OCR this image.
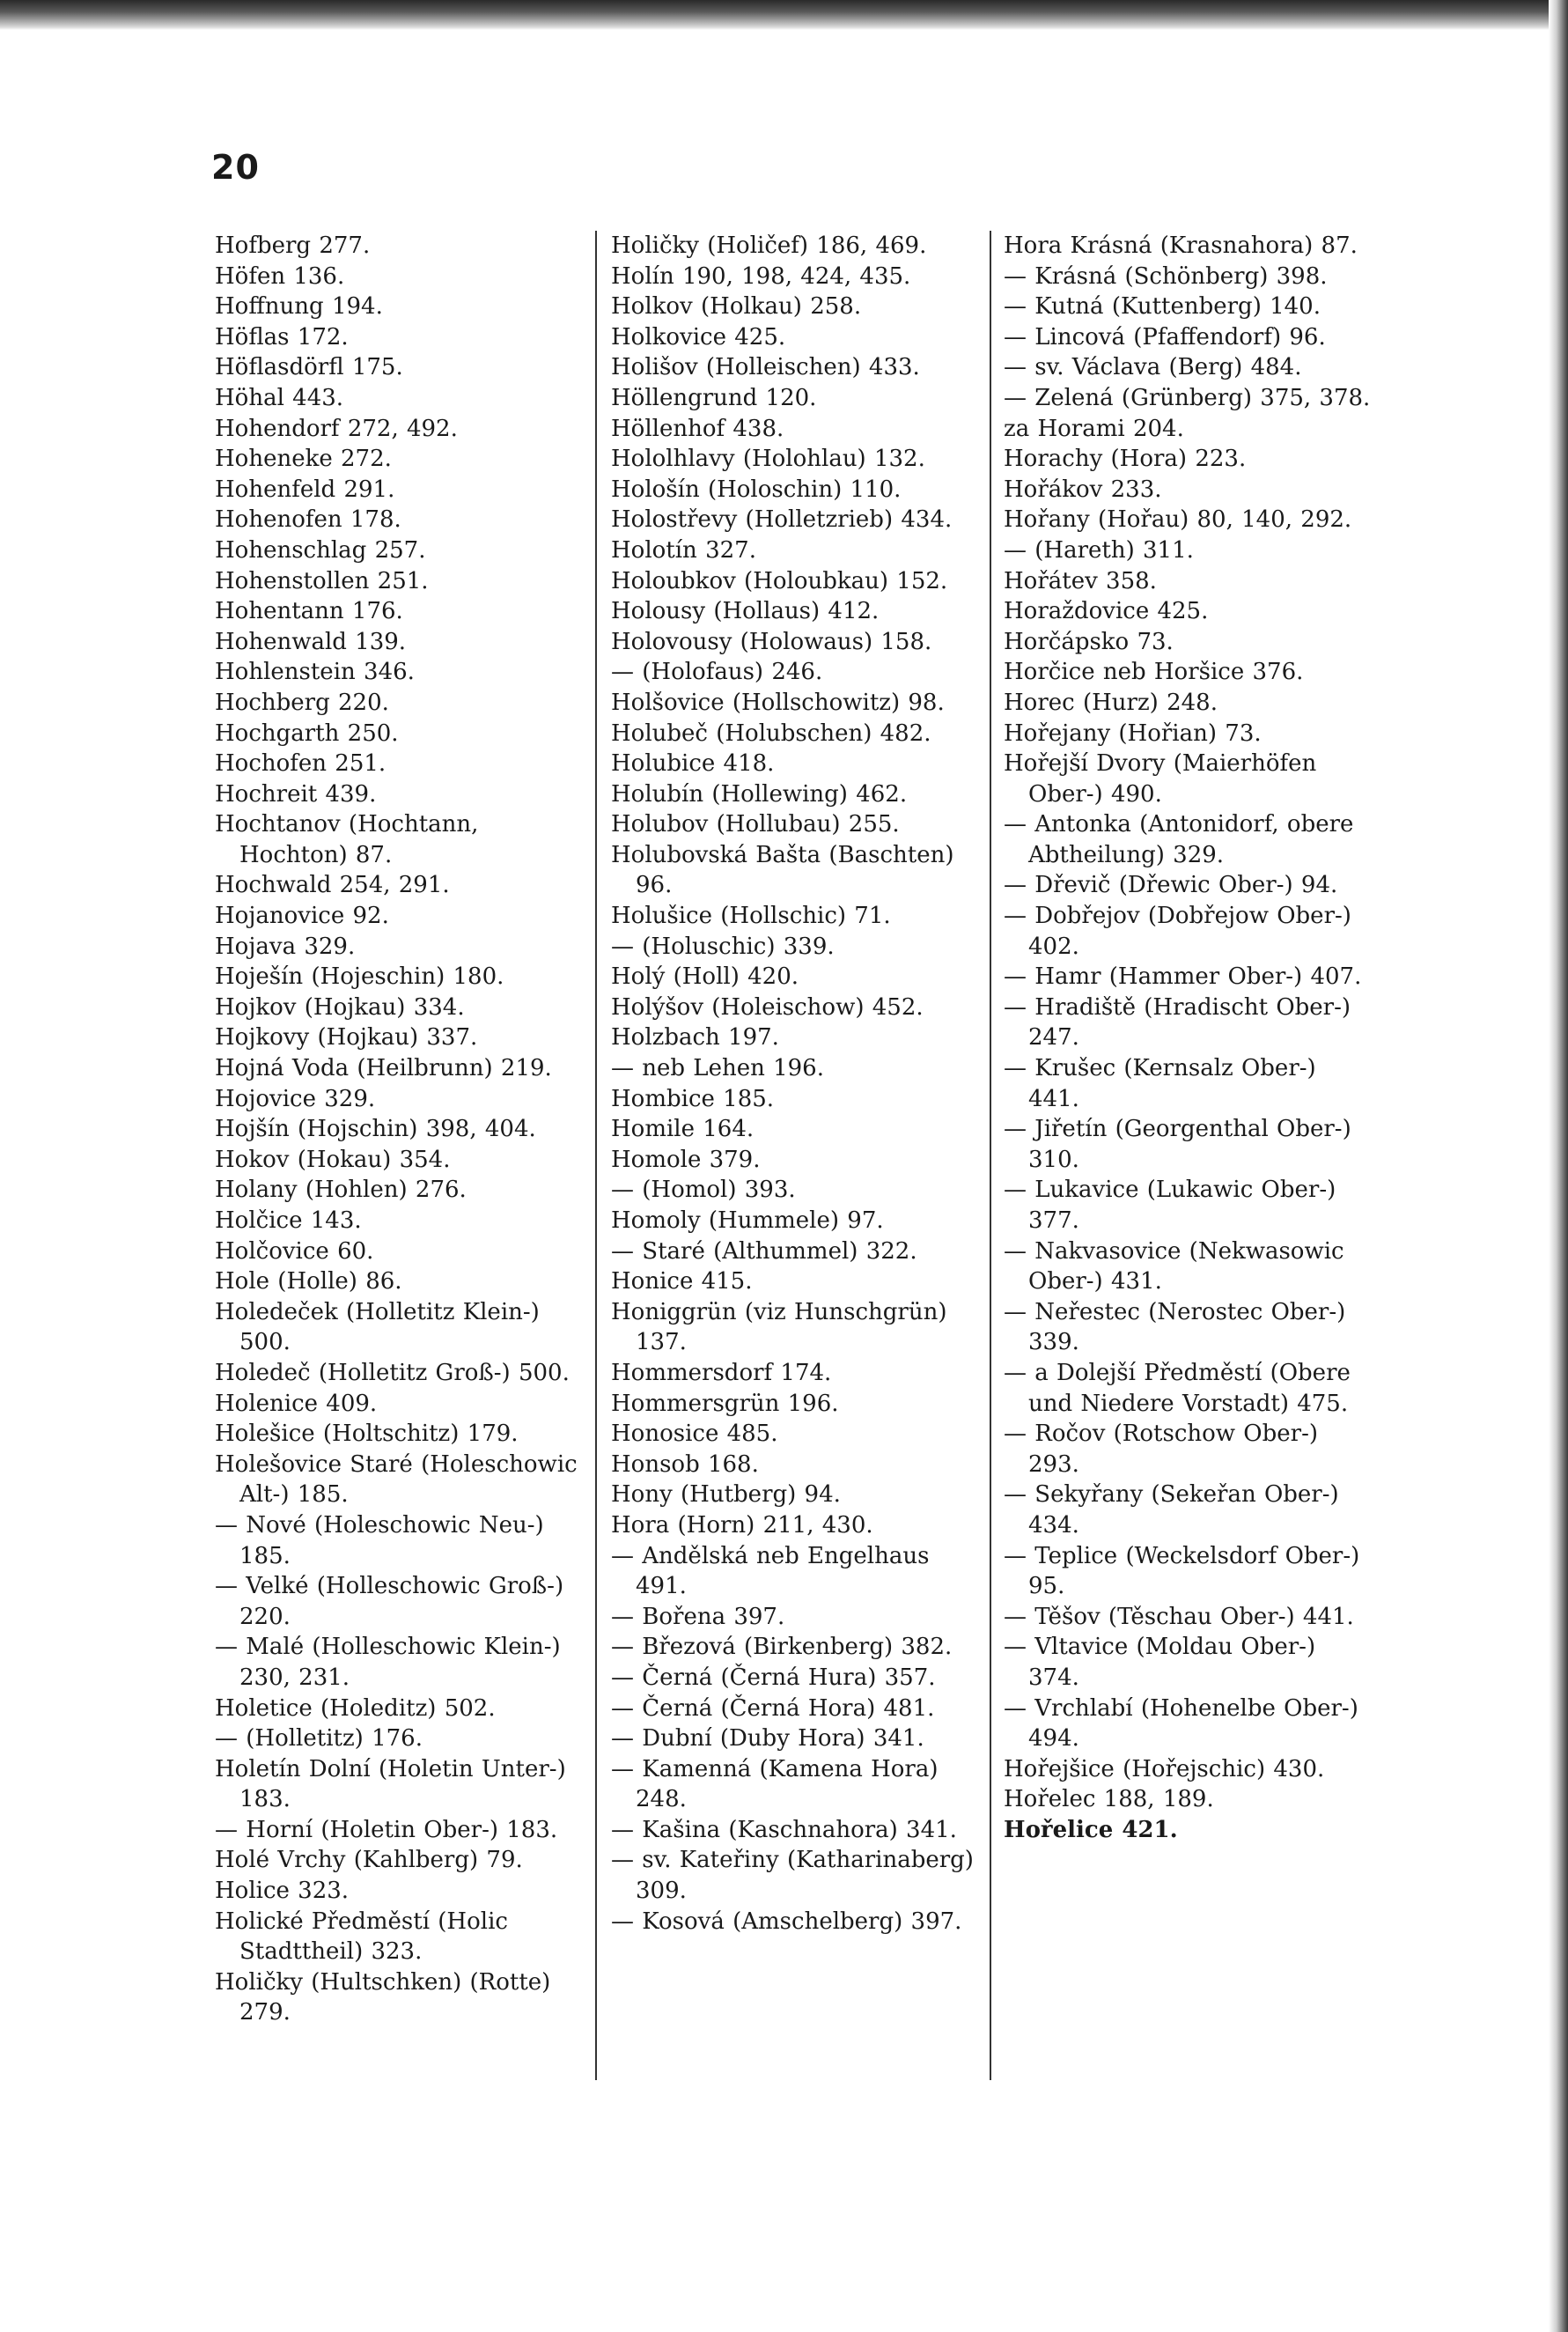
20
Hofberg 277.
Höfen 136.
Hoffnung 194.
Höflas 172.
Höflasdörfl 175.
Höhal 443.
Hohendorf 272, 492.
Hoheneke 272.
Hohenfeld 291.
Hohenofen 178.
Hohenschlag 257.
Hohenstollen 251.
Hohentann 176.
Hohenwald 139.
Hohlenstein 346.
Hochberg 220.
Hochgarth 250.
Hochofen 251.
Hochreit 439.
Hochtanov (Hochtann, Hochton) 87.
Hochwald 254, 291.
Hojanovice 92.
Hojava 329.
Hoješín (Hojeschin) 180.
Hojkov (Hojkau) 334.
Hojkovy (Hojkau) 337.
Hojná Voda (Heilbrunn) 219.
Hojovice 329.
Hojšín (Hojschin) 398, 404.
Hokov (Hokau) 354.
Holany (Hohlen) 276.
Holčice 143.
Holčovice 60.
Hole (Holle) 86.
Holedeček (Holletitz Klein-) 500.
Holedeč (Holletitz Groß-) 500.
Holenice 409.
Holešice (Holtschitz) 179.
Holešovice Staré (Holeschowic Alt-) 185.
— Nové (Holeschowic Neu-) 185.
— Velké (Holleschowic Groß-) 220.
— Malé (Holleschowic Klein-) 230, 231.
Holetice (Holeditz) 502.
— (Holletitz) 176.
Holetín Dolní (Holetin Unter-) 183.
— Horní (Holetin Ober-) 183.
Holé Vrchy (Kahlberg) 79.
Holice 323.
Holické Předměstí (Holic Stadttheil) 323.
Holičky (Hultschken) (Rotte) 279.
Holičky (Holičef) 186, 469.
Holín 190, 198, 424, 435.
Holkov (Holkau) 258.
Holkovice 425.
Holišov (Holleischen) 433.
Höllengrund 120.
Höllenhof 438.
Hololhlavy (Holohlau) 132.
Hološín (Holoschin) 110.
Holostřevy (Holletzrieb) 434.
Holotín 327.
Holoubkov (Holoubkau) 152.
Holousy (Hollaus) 412.
Holovousy (Holowaus) 158.
— (Holofaus) 246.
Holšovice (Hollschowitz) 98.
Holubeč (Holubschen) 482.
Holubice 418.
Holubín (Hollewing) 462.
Holubov (Hollubau) 255.
Holubovská Bašta (Baschten) 96.
Holušice (Hollschic) 71.
— (Holuschic) 339.
Holý (Holl) 420.
Holýšov (Holeischow) 452.
Holzbach 197.
— neb Lehen 196.
Hombice 185.
Homile 164.
Homole 379.
— (Homol) 393.
Homoly (Hummele) 97.
— Staré (Althummel) 322.
Honice 415.
Honiggrün (viz Hunschgrün) 137.
Hommersdorf 174.
Hommersgrün 196.
Honosice 485.
Honsob 168.
Hony (Hutberg) 94.
Hora (Horn) 211, 430.
— Andělská neb Engelhaus 491.
— Bořena 397.
— Březová (Birkenberg) 382.
— Černá (Černá Hura) 357.
— Černá (Černá Hora) 481.
— Dubní (Duby Hora) 341.
— Kamenná (Kamena Hora) 248.
— Kašina (Kaschnahora) 341.
— sv. Kateřiny (Katharinaberg) 309.
— Kosová (Amschelberg) 397.
Hora Krásná (Krasnahora) 87.
— Krásná (Schönberg) 398.
— Kutná (Kuttenberg) 140.
— Lincová (Pfaffendorf) 96.
— sv. Václava (Berg) 484.
— Zelená (Grünberg) 375, 378.
za Horami 204.
Horachy (Hora) 223.
Hořákov 233.
Hořany (Hořau) 80, 140, 292.
— (Hareth) 311.
Hořátev 358.
Horaždovice 425.
Horčápsko 73.
Horčice neb Horšice 376.
Horec (Hurz) 248.
Hořejany (Hořian) 73.
Hořejší Dvory (Maierhöfen Ober-) 490.
— Antonka (Antonidorf, obere Abtheilung) 329.
— Dřevič (Dřewic Ober-) 94.
— Dobřejov (Dobřejow Ober-) 402.
— Hamr (Hammer Ober-) 407.
— Hradiště (Hradischt Ober-) 247.
— Krušec (Kernsalz Ober-) 441.
— Jiřetín (Georgenthal Ober-) 310.
— Lukavice (Lukawic Ober-) 377.
— Nakvasovice (Nekwasowic Ober-) 431.
— Neřestec (Nerostec Ober-) 339.
— a Dolejší Předměstí (Obere und Niedere Vorstadt) 475.
— Ročov (Rotschow Ober-) 293.
— Sekyřany (Sekeřan Ober-) 434.
— Teplice (Weckelsdorf Ober-) 95.
— Těšov (Těschau Ober-) 441.
— Vltavice (Moldau Ober-) 374.
— Vrchlabí (Hohenelbe Ober-) 494.
Hořejšice (Hořejschic) 430.
Hořelec 188, 189.
Hořelice 421.
